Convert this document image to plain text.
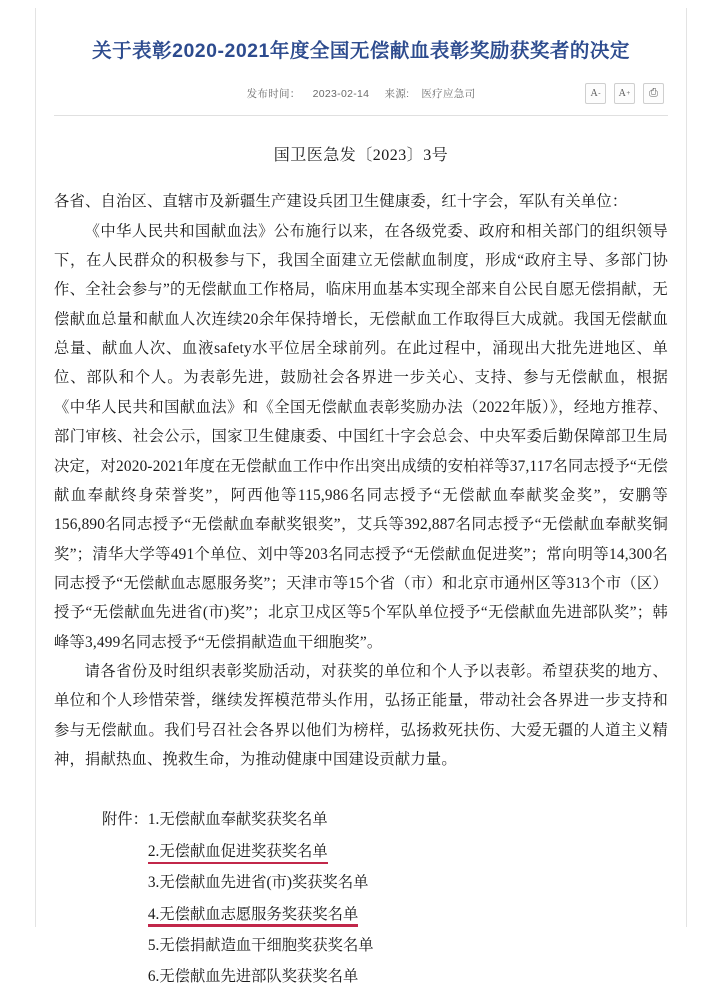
关于表彰2020-2021年度全国无偿献血表彰奖励获奖者的决定
发布时间： 2023-02-14 来源: 医疗应急司	A - A + ⎙
国卫医急发〔2023〕3号

各省、自治区、直辖市及新疆生产建设兵团卫生健康委，红十字会，军队有关单位：

《中华人民共和国献血法》公布施行以来，在各级党委、政府和相关部门的组织领导下，在人民群众的积极参与下，我国全面建立无偿献血制度，形成“政府主导、多部门协作、全社会参与”的无偿献血工作格局，临床用血基本实现全部来自公民自愿无偿捐献，无偿献血总量和献血人次连续20余年保持增长，无偿献血工作取得巨大成就。我国无偿献血总量、献血人次、血液safety水平位居全球前列。在此过程中，涌现出大批先进地区、单位、部队和个人。为表彰先进，鼓励社会各界进一步关心、支持、参与无偿献血，根据《中华人民共和国献血法》和《全国无偿献血表彰奖励办法（2022年版）》，经地方推荐、部门审核、社会公示，国家卫生健康委、中国红十字会总会、中央军委后勤保障部卫生局决定，对2020-2021年度在无偿献血工作中作出突出成绩的安柏祥等37,117名同志授予“无偿献血奉献终身荣誉奖”，阿西他等115,986名同志授予“无偿献血奉献奖金奖”，安鹏等156,890名同志授予“无偿献血奉献奖银奖”，艾兵等392,887名同志授予“无偿献血奉献奖铜奖”；清华大学等491个单位、刘中等203名同志授予“无偿献血促进奖”；常向明等14,300名同志授予“无偿献血志愿服务奖”；天津市等15个省（市）和北京市通州区等313个市（区）授予“无偿献血先进省(市)奖”；北京卫戍区等5个军队单位授予“无偿献血先进部队奖”；韩峰等3,499名同志授予“无偿捐献造血干细胞奖”。

请各省份及时组织表彰奖励活动，对获奖的单位和个人予以表彰。希望获奖的地方、单位和个人珍惜荣誉，继续发挥模范带头作用，弘扬正能量，带动社会各界进一步支持和参与无偿献血。我们号召社会各界以他们为榜样，弘扬救死扶伤、大爱无疆的人道主义精神，捐献热血、挽救生命，为推动健康中国建设贡献力量。

附件： 1.无偿献血奉献奖获奖名单
2.无偿献血促进奖获奖名单
3.无偿献血先进省(市)奖获奖名单
4.无偿献血志愿服务奖获奖名单
5.无偿捐献造血干细胞奖获奖名单
6.无偿献血先进部队奖获奖名单
